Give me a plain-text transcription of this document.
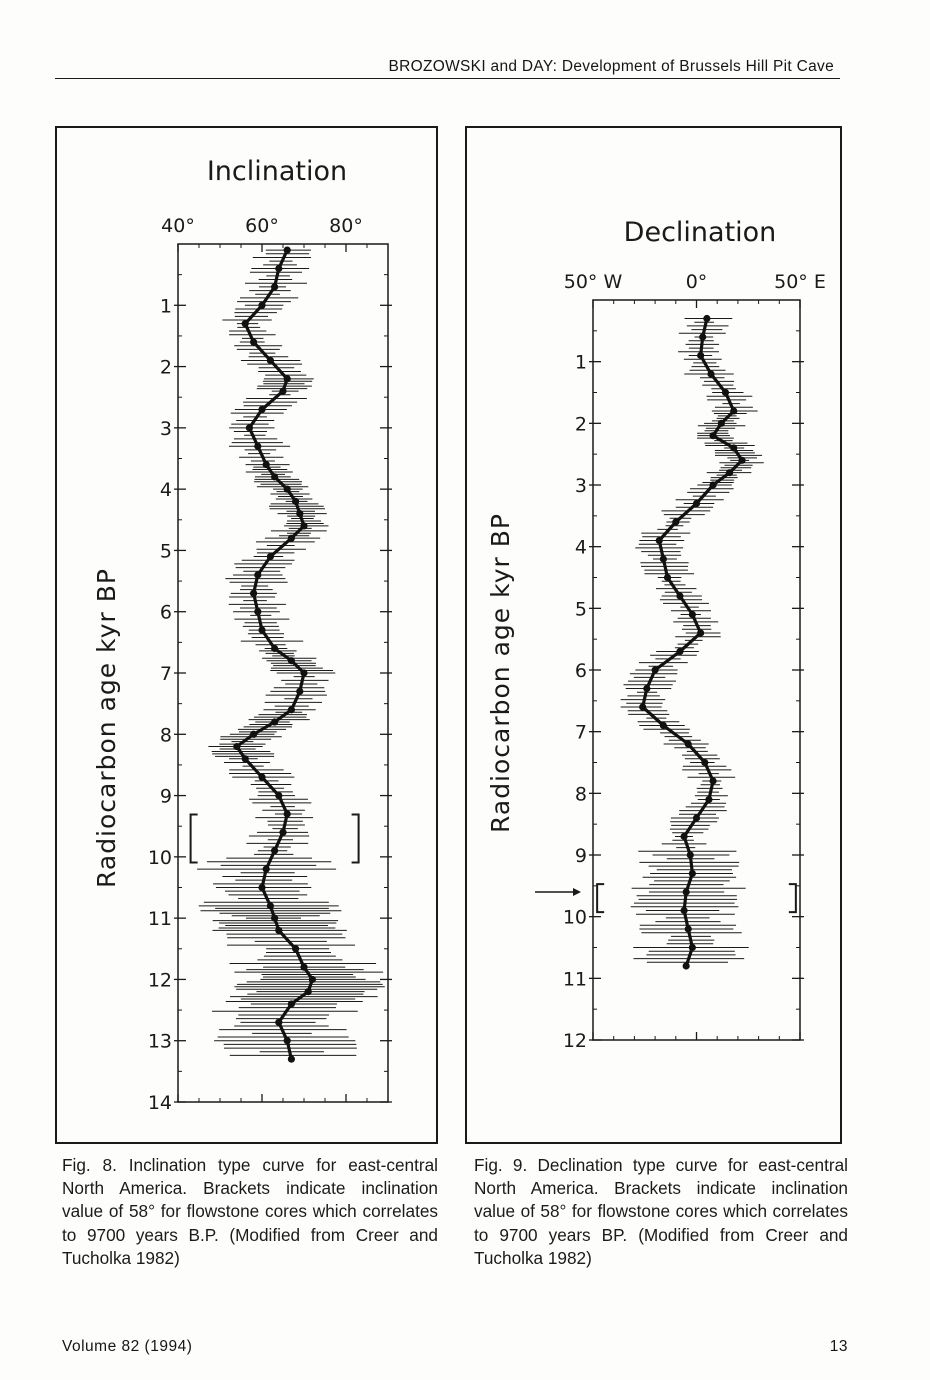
BROZOWSKI and DAY: Development of Brussels Hill Pit Cave
Inclination
Radiocarbon age kyr BP
40°	60°	80°
1
2
3
4
5
6
7
8
9
10
11
12
13
14
Declination
Radiocarbon age kyr BP
50° W	0°	50° E
1
2
3
4
5
6
7
8
9
10
11
12
Fig. 8. Inclination type curve for east-central North America. Brackets indicate inclination value of 58° for flowstone cores which correlates to 9700 years B.P. (Modified from Creer and Tucholka 1982)
Fig. 9. Declination type curve for east-central North America. Brackets indicate inclination value of 58° for flowstone cores which correlates to 9700 years BP. (Modified from Creer and Tucholka 1982)
Volume 82 (1994)	13
